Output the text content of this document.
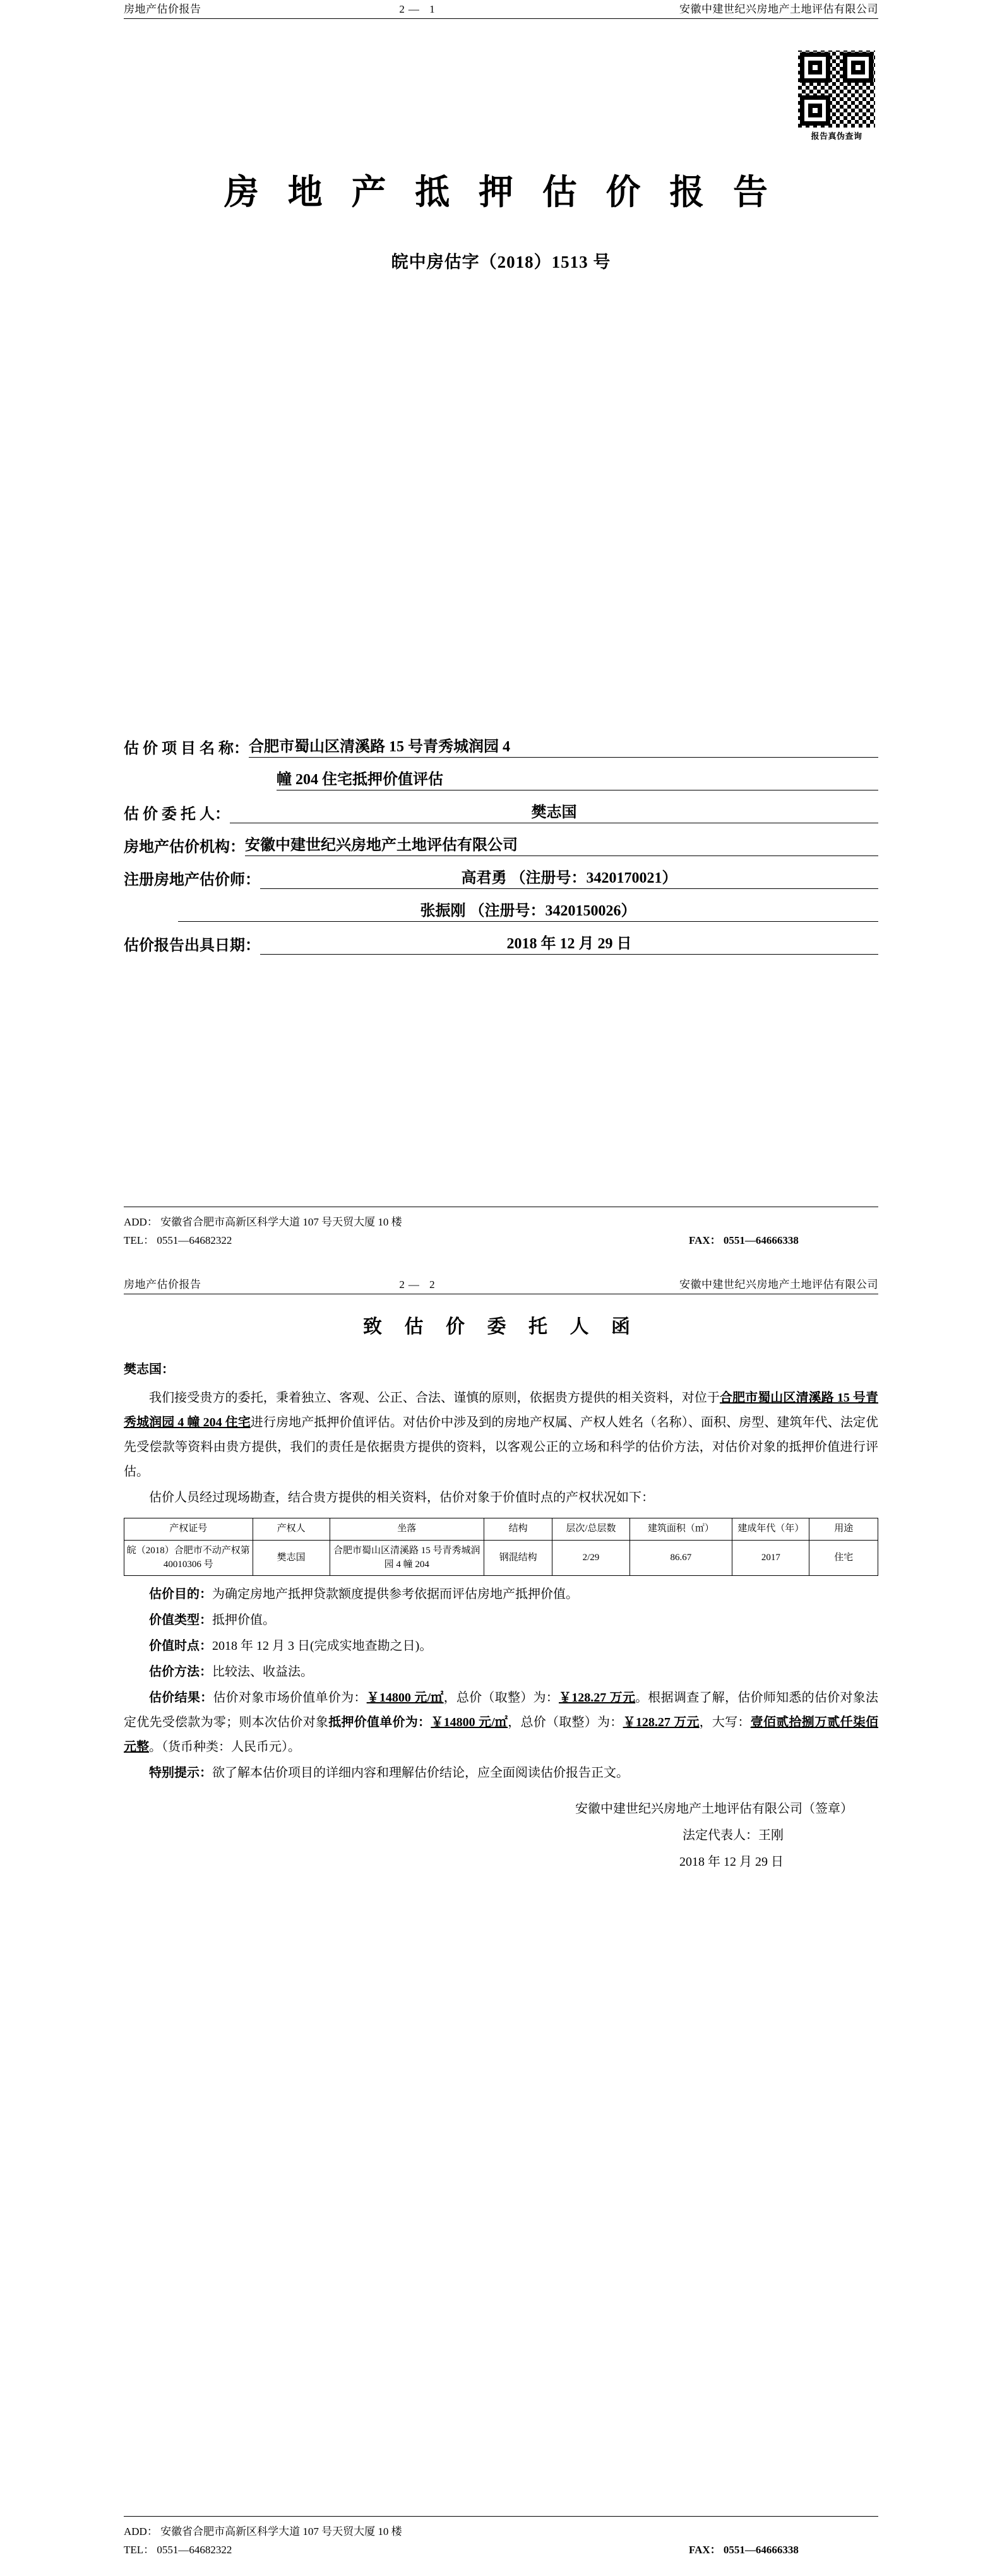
房地产估价报告	2— 1	安徽中建世纪兴房地产土地评估有限公司
报告真伪查询
房 地 产 抵 押 估 价 报 告
皖中房估字（2018）1513 号
估 价 项 目 名 称： 合肥市蜀山区清溪路 15 号青秀城润园 4

幢 204 住宅抵押价值评估
估 价 委 托 人：	樊志国
房地产估价机构： 安徽中建世纪兴房地产土地评估有限公司
注册房地产估价师：	高君勇 （注册号：3420170021）

张振刚 （注册号：3420150026）
估价报告出具日期：	2018 年 12 月 29 日
ADD： 安徽省合肥市高新区科学大道 107 号天贸大厦 10 楼
TEL： 0551—64682322	FAX： 0551—64666338
房地产估价报告	2— 2	安徽中建世纪兴房地产土地评估有限公司
致 估 价 委 托 人 函
樊志国：

我们接受贵方的委托，秉着独立、客观、公正、合法、谨慎的原则，依据贵方提供的相关资料，对位于合肥市蜀山区清溪路 15 号青秀城润园 4 幢 204 住宅进行房地产抵押价值评估。对估价中涉及到的房地产权属、产权人姓名（名称）、面积、房型、建筑年代、法定优先受偿款等资料由贵方提供，我们的责任是依据贵方提供的资料，以客观公正的立场和科学的估价方法，对估价对象的抵押价值进行评估。

估价人员经过现场勘查，结合贵方提供的相关资料，估价对象于价值时点的产权状况如下：

产权证号	产权人	坐落	结构	层次/总层数	建筑面积（㎡）	建成年代（年）	用途
皖（2018）合肥市不动产权第 40010306 号	樊志国	合肥市蜀山区清溪路 15 号青秀城润园 4 幢 204	钢混结构	2/29	86.67	2017	住宅

估价目的：为确定房地产抵押贷款额度提供参考依据而评估房地产抵押价值。

价值类型：抵押价值。

价值时点：2018 年 12 月 3 日(完成实地查勘之日)。

估价方法：比较法、收益法。

估价结果：估价对象市场价值单价为：￥14800 元/㎡，总价（取整）为：￥128.27 万元。根据调查了解，估价师知悉的估价对象法定优先受偿款为零；则本次估价对象抵押价值单价为：￥14800 元/㎡，总价（取整）为：￥128.27 万元，大写：壹佰贰拾捌万贰仟柒佰元整。（货币种类：人民币元）。

特别提示：欲了解本估价项目的详细内容和理解估价结论，应全面阅读估价报告正文。

安徽中建世纪兴房地产土地评估有限公司（签章）
法定代表人：王刚
2018 年 12 月 29 日
ADD： 安徽省合肥市高新区科学大道 107 号天贸大厦 10 楼
TEL： 0551—64682322	FAX： 0551—64666338
